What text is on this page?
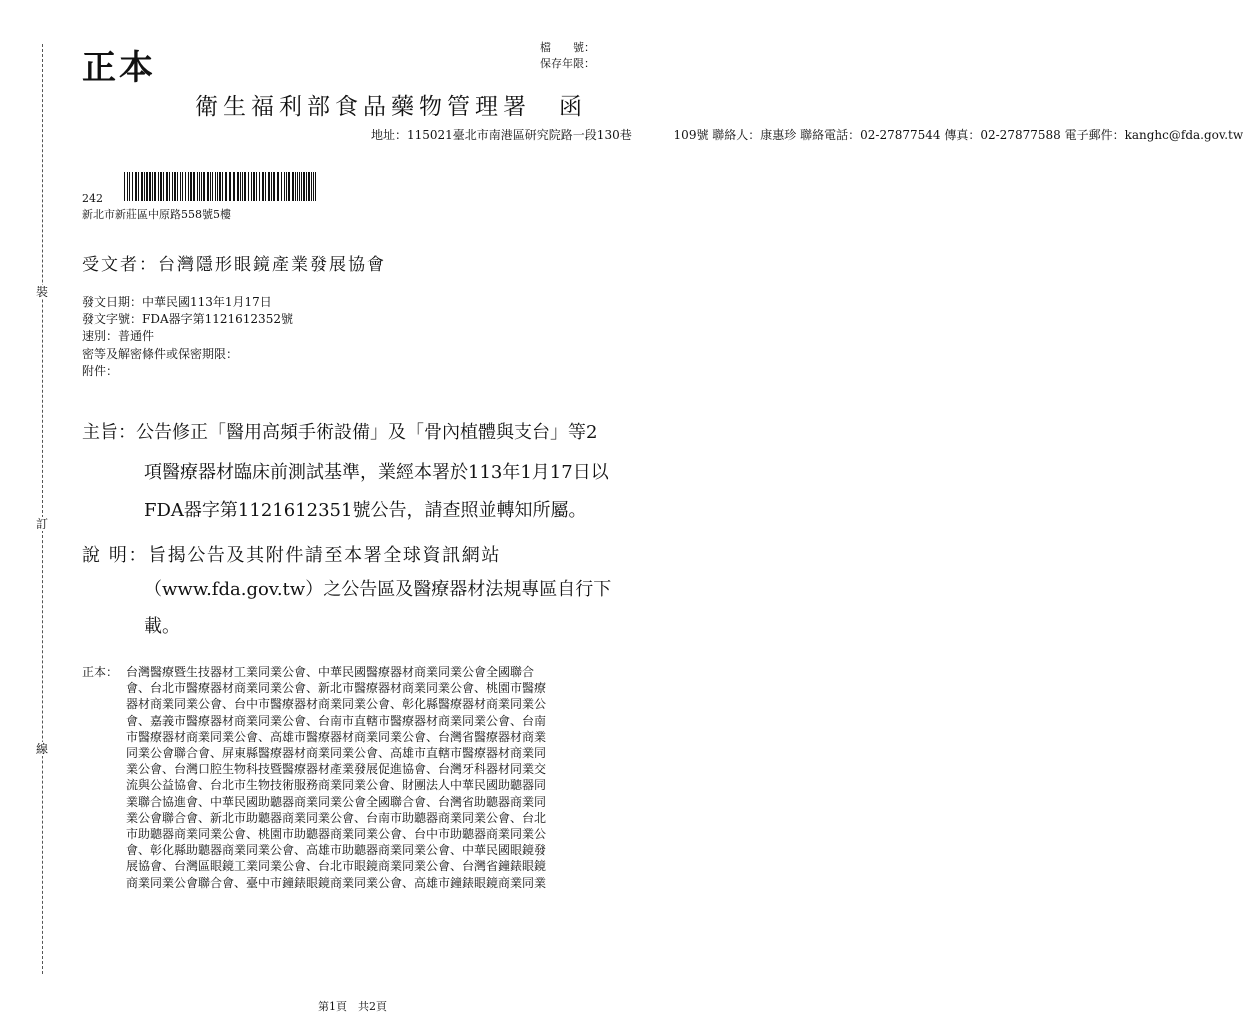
裝
訂
線
正本
檔　　號：
保存年限：
衛生福利部食品藥物管理署　函
地址：115021臺北市南港區研究院路一段130巷	109號 聯絡人：康惠珍 聯絡電話：02-27877544 傳真：02-27877588 電子郵件：kanghc@fda.gov.tw
242
新北市新莊區中原路558號5樓
受文者：台灣隱形眼鏡產業發展協會
發文日期：中華民國113年1月17日
發文字號：FDA器字第1121612352號
速別：普通件
密等及解密條件或保密期限：
附件：
主旨：公告修正「醫用高頻手術設備」及「骨內植體與支台」等2
項醫療器材臨床前測試基準，業經本署於113年1月17日以
FDA器字第1121612351號公告，請查照並轉知所屬。
說 明：旨揭公告及其附件請至本署全球資訊網站
（www.fda.gov.tw）之公告區及醫療器材法規專區自行下
載。
正本： 台灣醫療暨生技器材工業同業公會、中華民國醫療器材商業同業公會全國聯合
會、台北市醫療器材商業同業公會、新北市醫療器材商業同業公會、桃園市醫療
器材商業同業公會、台中市醫療器材商業同業公會、彰化縣醫療器材商業同業公
會、嘉義市醫療器材商業同業公會、台南市直轄市醫療器材商業同業公會、台南
市醫療器材商業同業公會、高雄市醫療器材商業同業公會、台灣省醫療器材商業
同業公會聯合會、屏東縣醫療器材商業同業公會、高雄市直轄市醫療器材商業同
業公會、台灣口腔生物科技暨醫療器材產業發展促進協會、台灣牙科器材同業交
流與公益協會、台北市生物技術服務商業同業公會、財團法人中華民國助聽器同
業聯合協進會、中華民國助聽器商業同業公會全國聯合會、台灣省助聽器商業同
業公會聯合會、新北市助聽器商業同業公會、台南市助聽器商業同業公會、台北
市助聽器商業同業公會、桃園市助聽器商業同業公會、台中市助聽器商業同業公
會、彰化縣助聽器商業同業公會、高雄市助聽器商業同業公會、中華民國眼鏡發
展協會、台灣區眼鏡工業同業公會、台北市眼鏡商業同業公會、台灣省鐘錶眼鏡
商業同業公會聯合會、臺中市鐘錶眼鏡商業同業公會、高雄市鐘錶眼鏡商業同業
第1頁　共2頁
